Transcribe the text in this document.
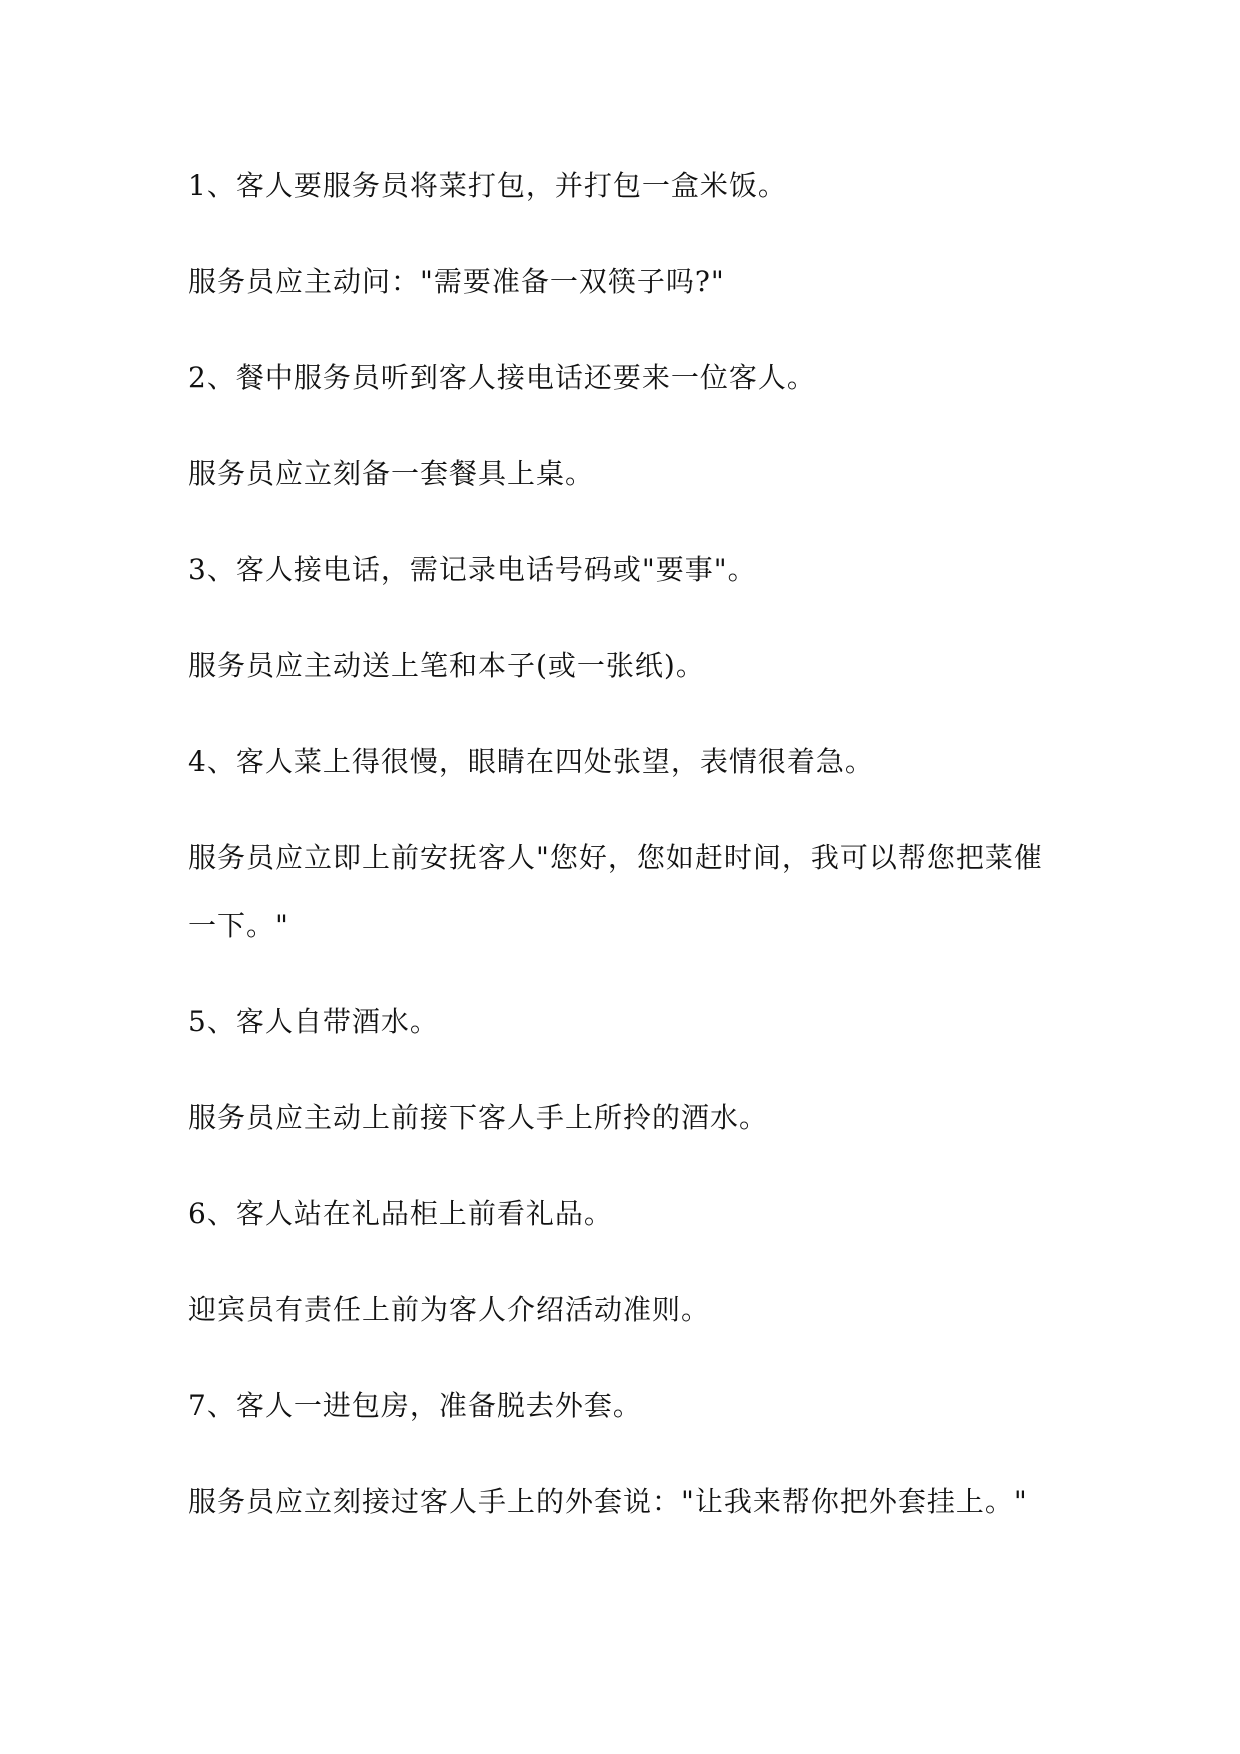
1、客人要服务员将菜打包，并打包一盒米饭。

服务员应主动问："需要准备一双筷子吗?"

2、餐中服务员听到客人接电话还要来一位客人。

服务员应立刻备一套餐具上桌。

3、客人接电话，需记录电话号码或"要事"。

服务员应主动送上笔和本子(或一张纸)。

4、客人菜上得很慢，眼睛在四处张望，表情很着急。

服务员应立即上前安抚客人"您好，您如赶时间，我可以帮您把菜催一下。"

5、客人自带酒水。

服务员应主动上前接下客人手上所拎的酒水。

6、客人站在礼品柜上前看礼品。

迎宾员有责任上前为客人介绍活动准则。

7、客人一进包房，准备脱去外套。

服务员应立刻接过客人手上的外套说："让我来帮你把外套挂上。"
